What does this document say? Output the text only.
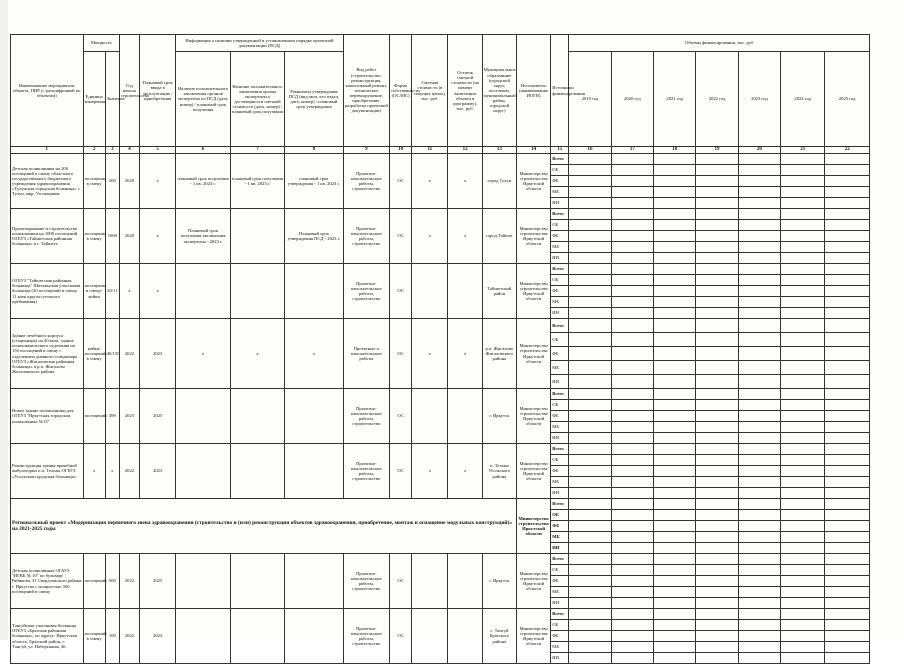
Наименование мероприятия, объекта, ПИР (с расшифровкой по объектам)	Мощность		Год начала строительства	Плановый срок ввода в эксплуатацию / приобретения	Информация о наличии утвержденной в установленном порядке проектной документации (ПСД)			Вид работ (строительство, реконструкция, капитальный ремонт, техническое перевооружение, приобретение, разработка проектной документации)	Форма собственности (ОС/МС)	Сметная стоимость (в текущих ценах), тыс. руб.	Остаток сметной стоимости (на момент включения объекта в программу), тыс. руб.	Муниципальное образование (городской округ, поселение, муниципальный район, городской округ)	Исполнитель (наименование ИОГВ)	Источники финансирования	Объемы финансирования, тыс. руб						
	Единица измерения	Значение			Наличие положительного заключения органов экспертизы по ПСД (дата, номер) / плановый срок получения	Наличие положительного заключения органа экспертизы о достоверности сметной стоимости (дата, номер) / плановый срок получения	Реквизиты утверждения ПСД (вид акта, кто издал, дата, номер) / плановый срок утверждения								2019 год	2020 год	2021 год	2022 год	2023 год	2024 год	2025 год
1	2	3	4	5	6	7	8	9	10	11	12	13	14	15	16	17	18	19	20	21	22
Детская поликлиника на 200 посещений в смену областного государственного бюджетного учреждения здравоохранения «Тулунская городская больница» г. Тулун, мкр. Угольщиков	посещения в смену	200	2020	х	плановый срок получения - 1 кв. 2023 г.	плановый срок получения - 1 кв. 2023 г.	плановый срок утверждения - 1 кв. 2023 г.	Проектно-изыскательские работы, строительство	ОС	х	х	город Тулун	Министерство строительства Иркутской области	Всего							
														ОБ							
														ФБ							
														МБ							
														ИИ							
Проектирование и строительство поликлиники на 1000 посещений ОГБУЗ «Тайшетская районная больница» в г. Тайшете	посещения в смену	1000	2020	х	Плановый срок получения заключения экспертизы - 2023 г.		Плановый срок утверждения ПСД - 2023 г.	Проектно-изыскательские работы, строительство	ОС	х	х	город Тайшет	Министерство строительства Иркутской области	Всего							
														ОБ							
														ФБ							
														МБ							
														ИИ							
ОГБУЗ "Тайшетская районная больница" Шиткинская участковая больница (20 посещений в смену, 11 коек круглосуточного пребывания)	посещения в смену/койки	20/11	х	х				Проектно-изыскательские работы, строительство	ОС			Тайшетский район	Министерство строительства Иркутской области	Всего							
														ОБ							
														ФБ							
														МБ							
														ИИ							
Здание лечебного корпуса (стационара) на 40 коек, здание поликлинического отделения на 150 посещений в смену с отделением дневного стационара ОГБУЗ «Жигаловская районная больница» в р.п. Жигалово Жигаловского района	койки/посещений в смену	40/150	2022	2023	х	х	х	Проектные и изыскательские работы	ОС	х	х	р.п. Жигалово Жигаловского района	Министерство строительства Иркутской области	Всего							
														ОБ							
														ФБ							
														МБ							
														ИИ							
Новое здание поликлиники для ОГБУЗ "Иркутская городская поликлиника №15"	посещений	499	2023	2025				Проектно-изыскательские работы, строительство	ОС			г. Иркутск	Министерство строительства Иркутской области	Всего							
														ОБ							
														ФБ							
														МБ							
														ИИ							
Реконструкция здания врачебной амбулатории п.п. Тельма ОГБУЗ «Усольская городская больница»	х	х	2022	2023				Проектно-изыскательские работы, строительство	ОС	х	х	п. Тельма Усольского района	Министерство строительства Иркутской области	Всего							
														ОБ							
														ФБ							
														МБ							
														ИИ							
Региональный проект «Модернизация первичного звена здравоохранения (строительство и (или) реконструкция объектов здравоохранения, приобретение, монтаж и оснащение модульных конструкций)» на 2021-2025 годы													Министерство строительства Иркутской области	Всего							
														ОБ							
														ФБ							
														МБ							
														ИИ							
Детская поликлиника ОГАУЗ "ИГКБ № 10" по бульвару Рябикова, 31 Свердловского района г. Иркутска с мощностью 500 посещений в смену	посещений	500	2022	2025				Проектно-изыскательские работы, строительство	ОС			г. Иркутск	Министерство строительства Иркутской области	Всего							
														ОБ							
														ФБ							
														МБ							
														ИИ							
Тангуйская участковая больница ОГБУЗ «Братская районная больница», по адресу: Иркутская область, Братский район, с. Тангуй, ул. Набережная, 46	посещений в смену	100	2022	2023				Проектно-изыскательские работы, строительство	ОС			с. Тангуй Братского района	Министерство строительства Иркутской области	Всего							
														ОБ							
														ФБ							
														МБ							
														ИИ							
